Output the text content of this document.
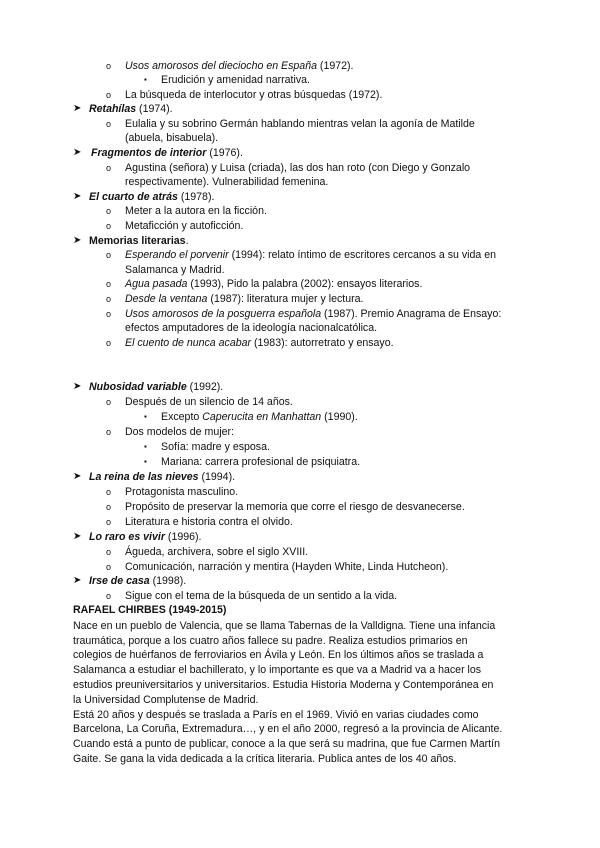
o Usos amorosos del dieciocho en España (1972).
▪ Erudición y amenidad narrativa.
o La búsqueda de interlocutor y otras búsquedas (1972).
➤ Retahílas (1974).
o Eulalia y su sobrino Germán hablando mientras velan la agonía de Matilde
(abuela, bisabuela).
➤ Fragmentos de interior (1976).
o Agustina (señora) y Luisa (criada), las dos han roto (con Diego y Gonzalo
respectivamente). Vulnerabilidad femenina.
➤ El cuarto de atrás (1978).
o Meter a la autora en la ficción.
o Metaficción y autoficción.
➤ Memorias literarias.
o Esperando el porvenir (1994): relato íntimo de escritores cercanos a su vida en
Salamanca y Madrid.
o Agua pasada (1993), Pido la palabra (2002): ensayos literarios.
o Desde la ventana (1987): literatura mujer y lectura.
o Usos amorosos de la posguerra española (1987). Premio Anagrama de Ensayo:
efectos amputadores de la ideología nacionalcatólica.
o El cuento de nunca acabar (1983): autorretrato y ensayo.
➤ Nubosidad variable (1992).
o Después de un silencio de 14 años.
▪ Excepto Caperucita en Manhattan (1990).
o Dos modelos de mujer:
▪ Sofía: madre y esposa.
▪ Mariana: carrera profesional de psiquiatra.
➤ La reina de las nieves (1994).
o Protagonista masculino.
o Propósito de preservar la memoria que corre el riesgo de desvanecerse.
o Literatura e historia contra el olvido.
➤ Lo raro es vivir (1996).
o Águeda, archivera, sobre el siglo XVIII.
o Comunicación, narración y mentira (Hayden White, Linda Hutcheon).
➤ Irse de casa (1998).
o Sigue con el tema de la búsqueda de un sentido a la vida.
RAFAEL CHIRBES (1949-2015)
Nace en un pueblo de Valencia, que se llama Tabernas de la Valldigna. Tiene una infancia
traumática, porque a los cuatro años fallece su padre. Realiza estudios primarios en
colegios de huérfanos de ferroviarios en Ávila y León. En los últimos años se traslada a
Salamanca a estudiar el bachillerato, y lo importante es que va a Madrid va a hacer los
estudios preuniversitarios y universitarios. Estudia Historia Moderna y Contemporánea en
la Universidad Complutense de Madrid.
Está 20 años y después se traslada a París en el 1969. Vivió en varias ciudades como
Barcelona, La Coruña, Extremadura…, y en el año 2000, regresó a la provincia de Alicante.
Cuando está a punto de publicar, conoce a la que será su madrina, que fue Carmen Martín
Gaite. Se gana la vida dedicada a la crítica literaria. Publica antes de los 40 años.
